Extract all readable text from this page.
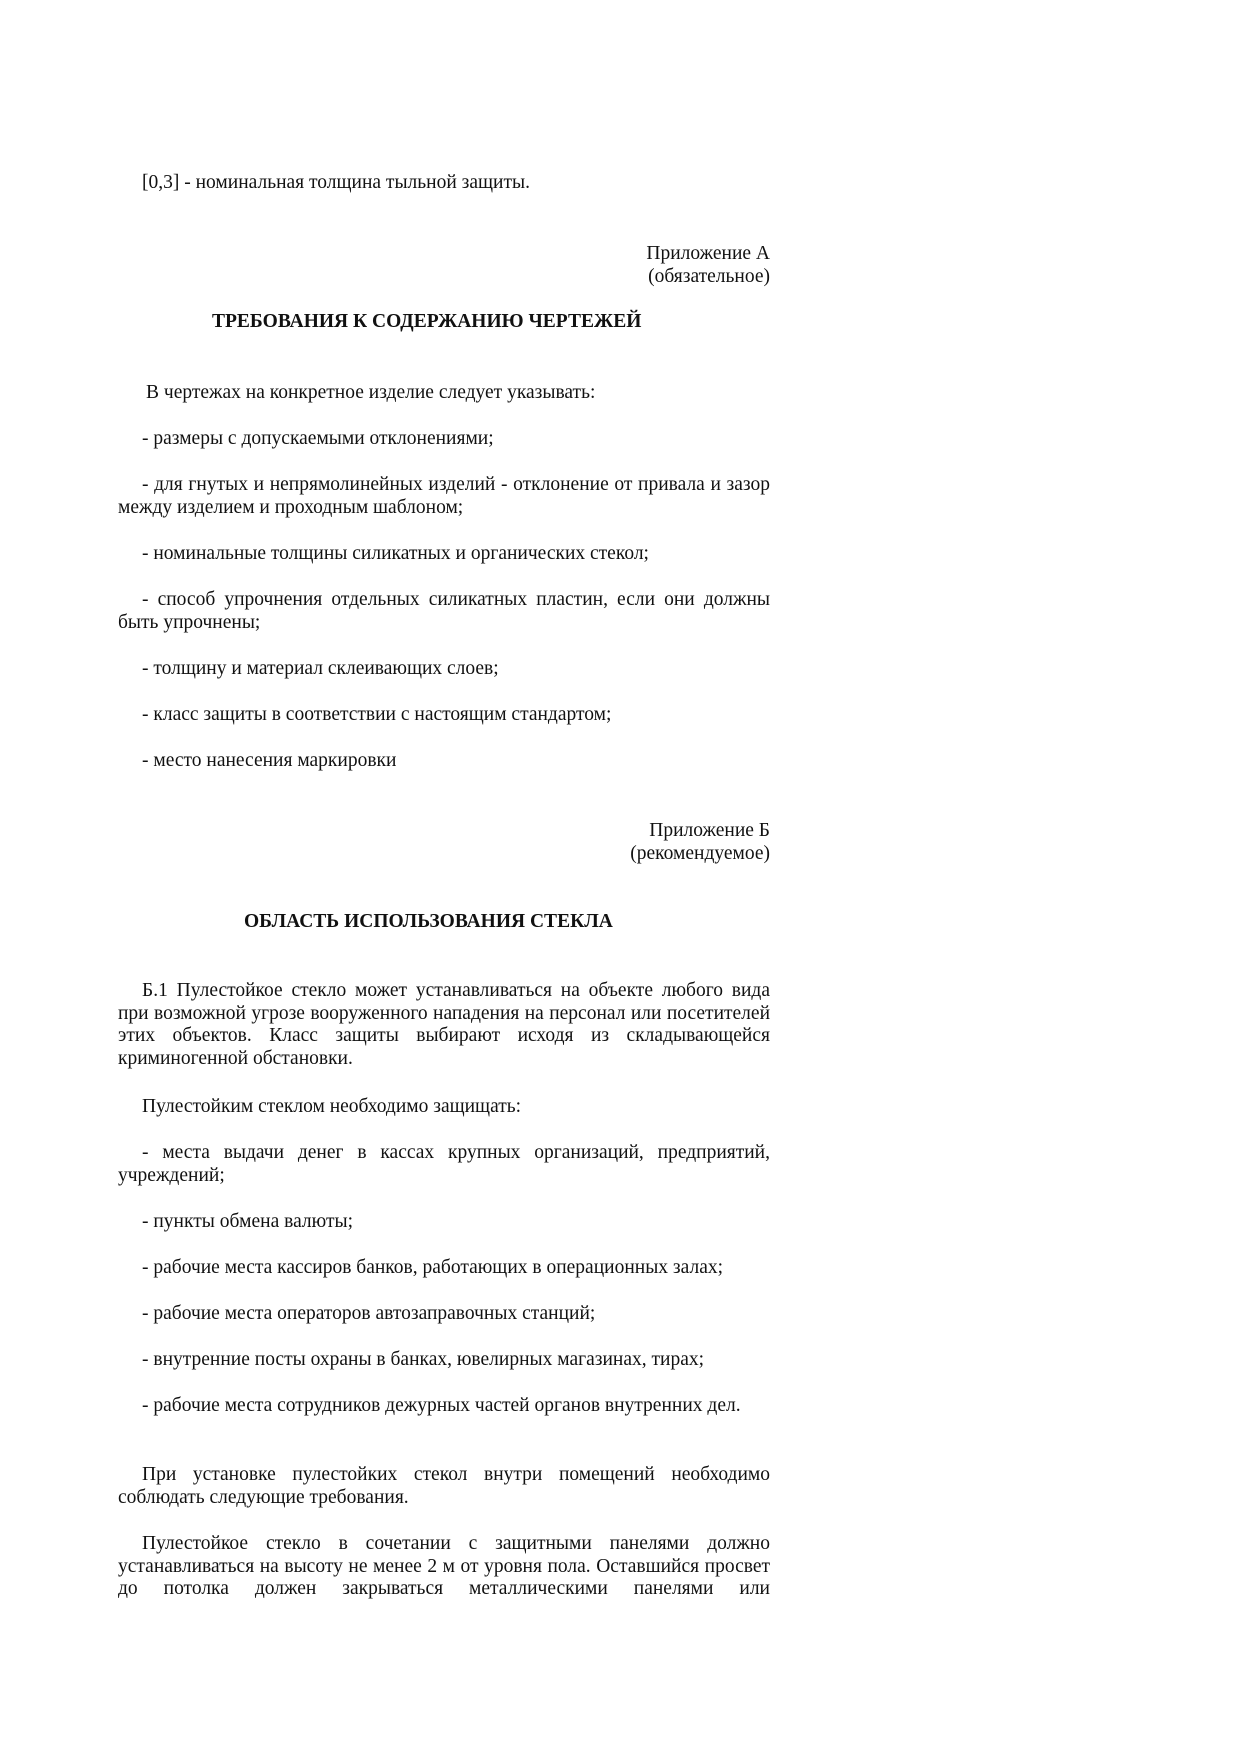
[0,3] - номинальная толщина тыльной защиты.

Приложение А

(обязательное)

ТРЕБОВАНИЯ К СОДЕРЖАНИЮ ЧЕРТЕЖЕЙ

В чертежах на конкретное изделие следует указывать:

- размеры с допускаемыми отклонениями;

- для гнутых и непрямолинейных изделий - отклонение от привала и зазор между изделием и проходным шаблоном;

- номинальные толщины силикатных и органических стекол;

- способ упрочнения отдельных силикатных пластин, если они должны быть упрочнены;

- толщину и материал склеивающих слоев;

- класс защиты в соответствии с настоящим стандартом;

- место нанесения маркировки

Приложение Б

(рекомендуемое)

ОБЛАСТЬ ИСПОЛЬЗОВАНИЯ СТЕКЛА

Б.1 Пулестойкое стекло может устанавливаться на объекте любого вида при возможной угрозе вооруженного нападения на персонал или посетителей этих объектов. Класс защиты выбирают исходя из складывающейся криминогенной обстановки.

Пулестойким стеклом необходимо защищать:

- места выдачи денег в кассах крупных организаций, предприятий, учреждений;

- пункты обмена валюты;

- рабочие места кассиров банков, работающих в операционных залах;

- рабочие места операторов автозаправочных станций;

- внутренние посты охраны в банках, ювелирных магазинах, тирах;

- рабочие места сотрудников дежурных частей органов внутренних дел.

При установке пулестойких стекол внутри помещений необходимо соблюдать следующие требования.

Пулестойкое стекло в сочетании с защитными панелями должно устанавливаться на высоту не менее 2 м от уровня пола. Оставшийся просвет до потолка должен закрываться металлическими панелями или
